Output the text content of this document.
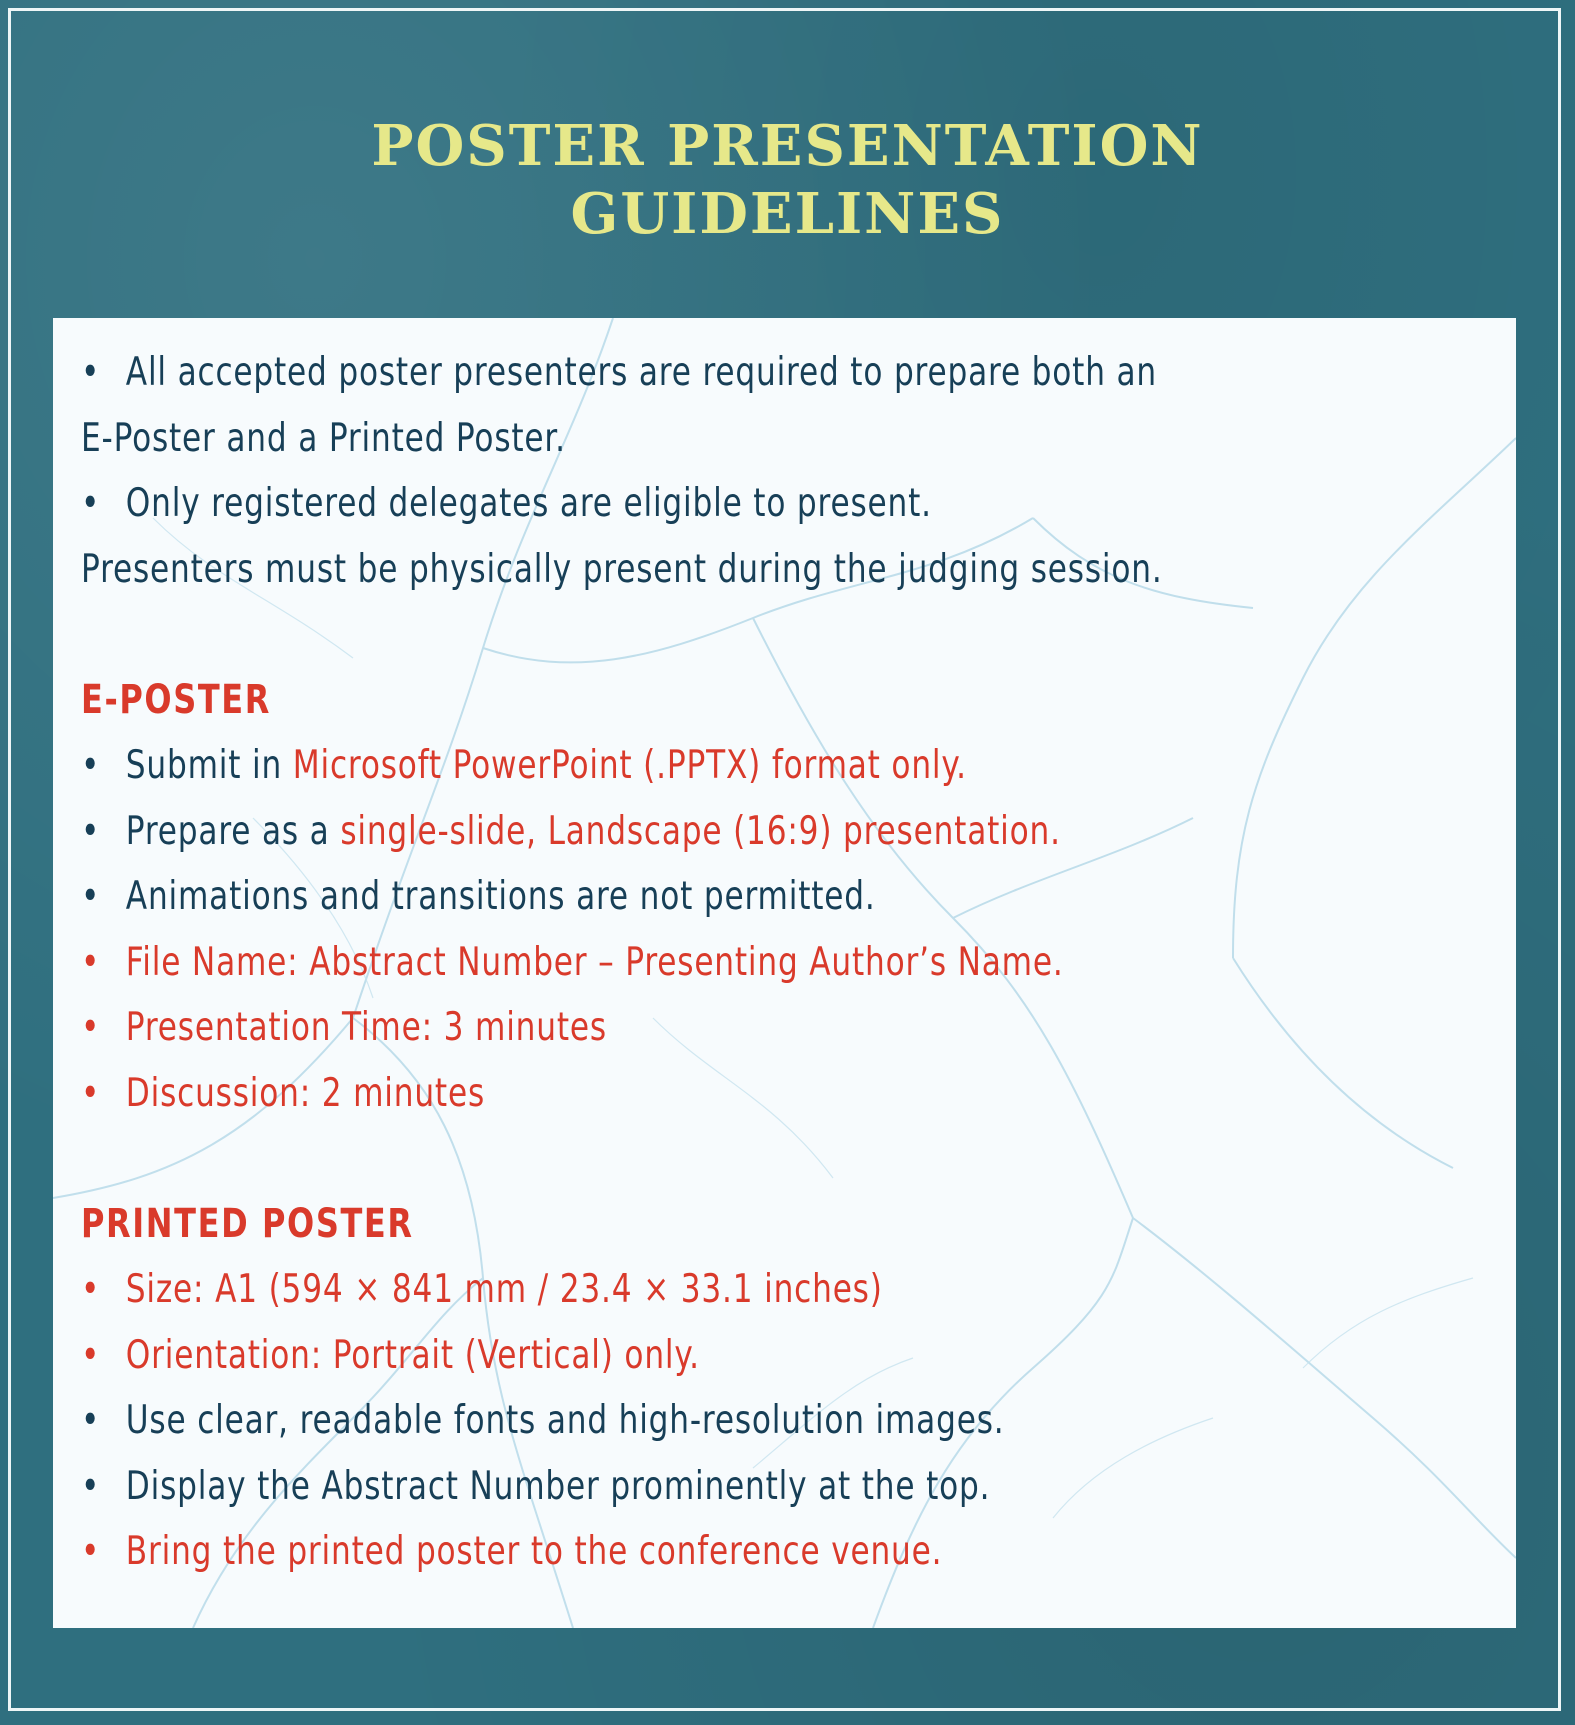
POSTER PRESENTATION
GUIDELINES
• All accepted poster presenters are required to prepare both an
E-Poster and a Printed Poster.
• Only registered delegates are eligible to present.
Presenters must be physically present during the judging session.
E-POSTER
• Submit in Microsoft PowerPoint (.PPTX) format only.
• Prepare as a single-slide, Landscape (16:9) presentation.
• Animations and transitions are not permitted.
• File Name: Abstract Number – Presenting Author’s Name.
• Presentation Time: 3 minutes
• Discussion: 2 minutes
PRINTED POSTER
• Size: A1 (594 × 841 mm / 23.4 × 33.1 inches)
• Orientation: Portrait (Vertical) only.
• Use clear, readable fonts and high-resolution images.
• Display the Abstract Number prominently at the top.
• Bring the printed poster to the conference venue.
